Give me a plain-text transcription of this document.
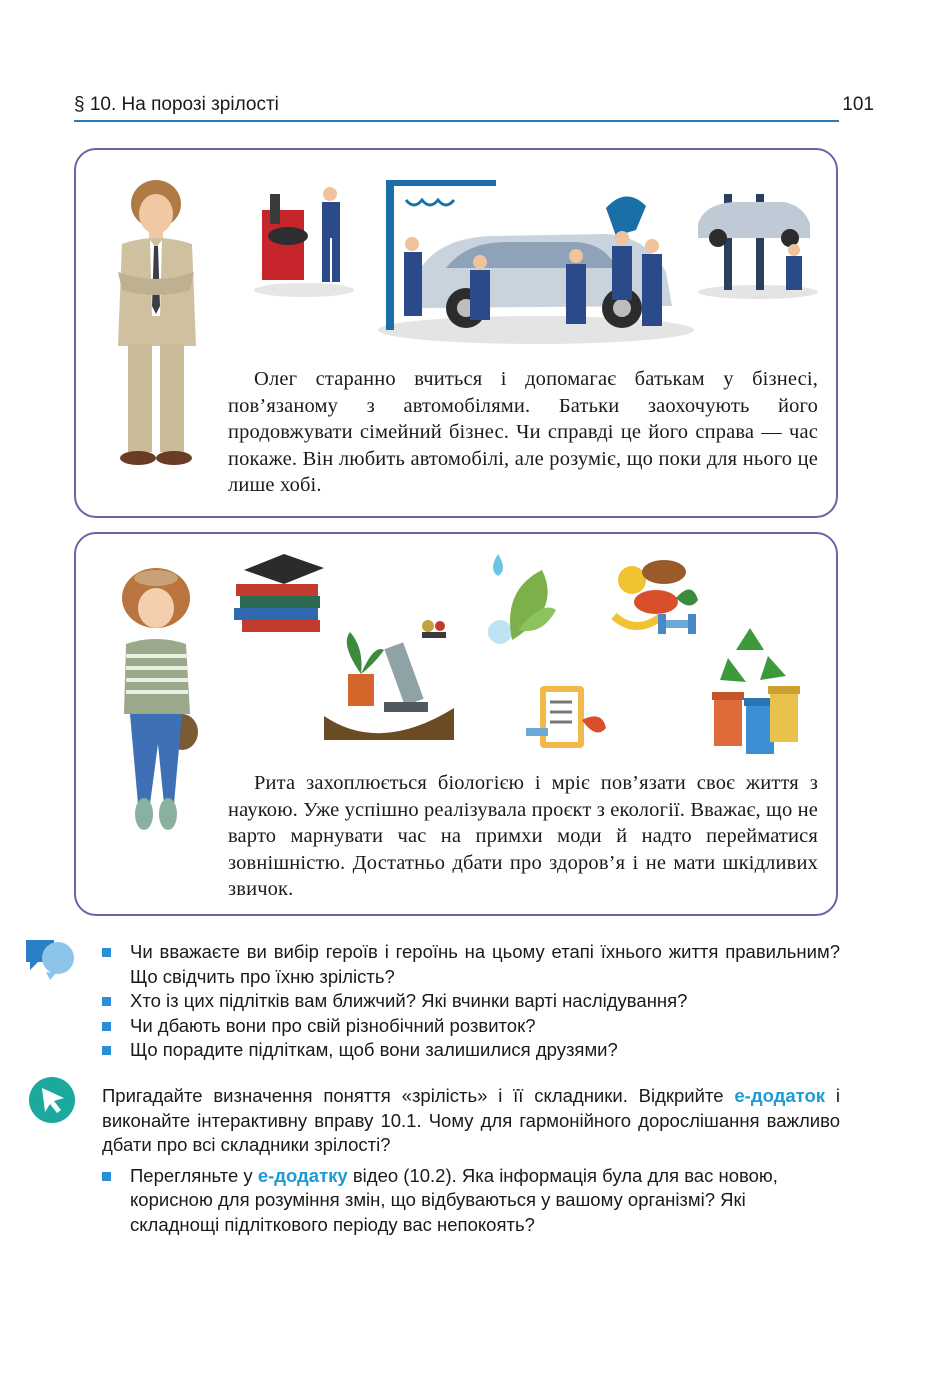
§ 10. На порозі зрілості	101
Олег старанно вчиться і допомагає батькам у бізнесі, пов’язаному з автомобілями. Батьки заохочують його продовжувати сімейний бізнес. Чи справді це його справа — час покаже. Він любить автомобілі, але розуміє, що поки для нього це лише хобі.
Рита захоплюється біологією і мріє пов’язати своє життя з наукою. Уже успішно реалізувала проєкт з екології. Вважає, що не варто марнувати час на примхи моди й надто перейматися зовнішністю. Достатньо дбати про здоров’я і не мати шкідливих звичок.
Чи вважаєте ви вибір героїв і героїнь на цьому етапі їхнього життя правильним? Що свідчить про їхню зрілість?
Хто із цих підлітків вам ближчий? Які вчинки варті наслідування?
Чи дбають вони про свій різнобічний розвиток?
Що порадите підліткам, щоб вони залишилися друзями?
Пригадайте визначення поняття «зрілість» і її складники. Відкрийте е-додаток і виконайте інтерактивну вправу 10.1. Чому для гармонійного дорослішання важливо дбати про всі складники зрілості?
Перегляньте у е-додатку відео (10.2). Яка інформація була для вас новою, корисною для розуміння змін, що відбуваються у вашому організмі? Які складнощі підліткового періоду вас непокоять?
